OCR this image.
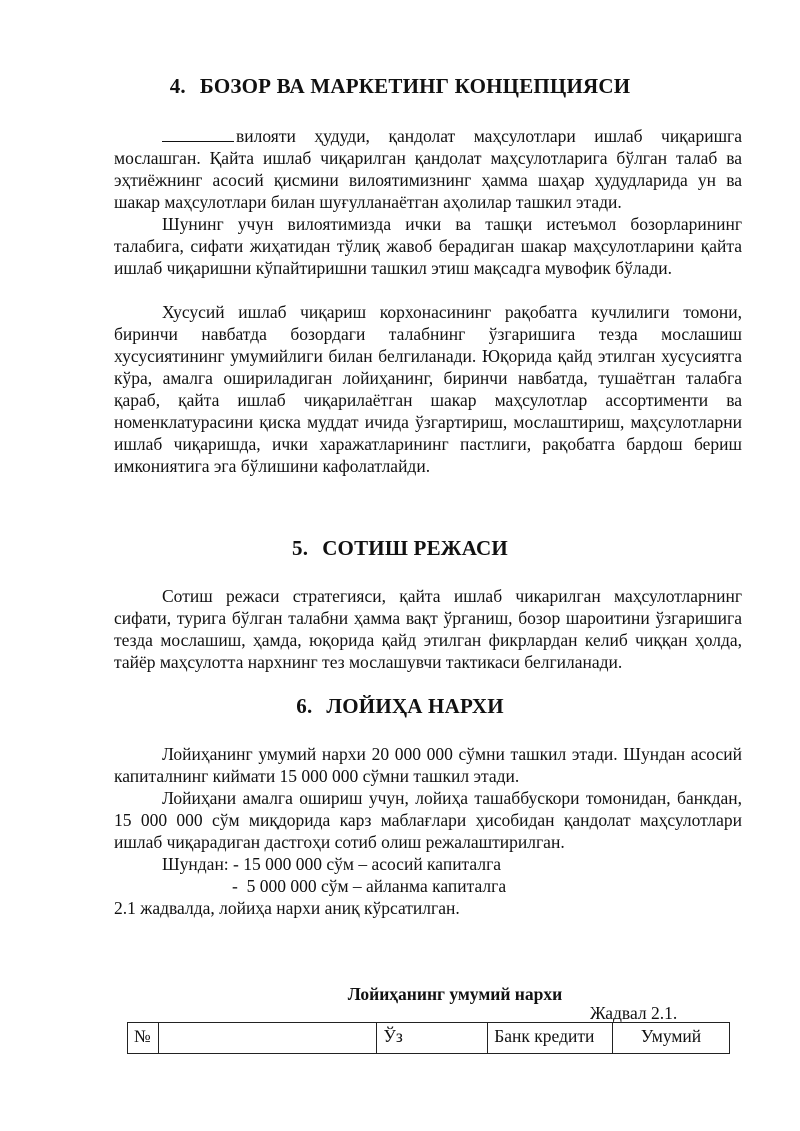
4. БОЗОР ВА МАРКЕТИНГ КОНЦЕПЦИЯСИ

вилояти ҳудуди, қандолат маҳсулотлари ишлаб чиқаришга мослашган. Қайта ишлаб чиқарилган қандолат маҳсулотларига бўлган талаб ва эҳтиёжнинг асосий қисмини вилоятимизнинг ҳамма шаҳар ҳудудларида ун ва шакар маҳсулотлари билан шуғулланаётган аҳолилар ташкил этади.

Шунинг учун вилоятимизда ички ва ташқи истеъмол бозорларининг талабига, сифати жиҳатидан тўлиқ жавоб берадиган шакар маҳсулотларини қайта ишлаб чиқаришни кўпайтиришни ташкил этиш мақсадга мувофик бўлади.

Хусусий ишлаб чиқариш корхонасининг рақобатга кучлилиги томони, биринчи навбатда бозордаги талабнинг ўзгаришига тезда мослашиш хусусиятининг умумийлиги билан белгиланади. Юқорида қайд этилган хусусиятга кўра, амалга ошириладиган лойиҳанинг, биринчи навбатда, тушаётган талабга қараб, қайта ишлаб чиқарилаётган шакар маҳсулотлар ассортименти ва номенклатурасини қиска муддат ичида ўзгартириш, мослаштириш, маҳсулотларни ишлаб чиқаришда, ички харажатларининг пастлиги, рақобатга бардош бериш имкониятига эга бўлишини кафолатлайди.

5. СОТИШ РЕЖАСИ

Сотиш режаси стратегияси, қайта ишлаб чикарилган маҳсулотларнинг сифати, турига бўлган талабни ҳамма вақт ўрганиш, бозор шароитини ўзгаришига тезда мослашиш, ҳамда, юқорида қайд этилган фикрлардан келиб чиққан ҳолда, тайёр маҳсулотта нархнинг тез мослашувчи тактикаси белгиланади.

6. ЛОЙИҲА НАРХИ

Лойиҳанинг умумий нархи 20 000 000 сўмни ташкил этади. Шундан асосий капиталнинг киймати 15 000 000 сўмни ташкил этади.

Лойиҳани амалга ошириш учун, лойиҳа ташаббускори томонидан, банкдан, 15 000 000 сўм миқдорида карз маблағлари ҳисобидан қандолат маҳсулотлари ишлаб чиқарадиган дастгоҳи сотиб олиш режалаштирилган.

Шундан: - 15 000 000 сўм – асосий капиталга
-  5 000 000 сўм – айланма капиталга
2.1 жадвалда, лойиҳа нархи аниқ кўрсатилган.
Лойиҳанинг умумий нархи
Жадвал 2.1.
№		Ўз	Банк кредити	Умумий
